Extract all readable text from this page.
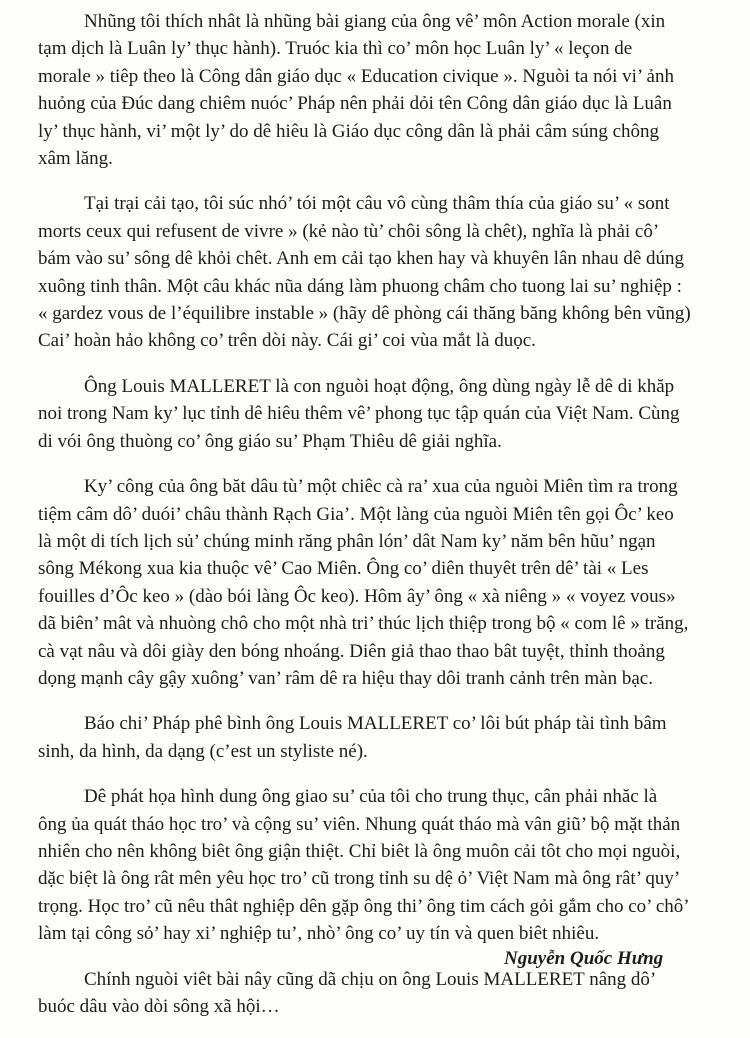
Nhũng tôi thích nhât là nhũng bài giang của ông vê’ môn Action morale (xin
tạm dịch là Luân ly’ thục hành). Truóc kia thì co’ môn học Luân ly’ « leçon de
morale » tiêp theo là Công dân giáo dục « Education civique ». Nguòi ta nói vi’ ảnh
huỏng của Đúc dang chiêm nuóc’ Pháp nên phải dỏi tên Công dân giáo dục là Luân
ly’ thục hành, vi’ một ly’ do dê hiêu là Giáo dục công dân là phải câm súng chông
xâm lăng.

Tại trại cải tạo, tôi súc nhó’ tói một câu vô cùng thâm thía của giáo su’ « sont
morts ceux qui refusent de vivre » (kẻ nào tù’ chôi sông là chêt), nghĩa là phải cô’
bám vào su’ sông dê khỏi chêt. Anh em cải tạo khen hay và khuyên lân nhau dê dúng
xuông tinh thân. Một câu khác nũa dáng làm phuong châm cho tuong lai su’ nghiệp :
« gardez vous de l’équilibre instable » (hãy dê phòng cái thăng băng không bên vũng)
Cai’ hoàn hảo không co’ trên dòi này. Cái gi’ coi vùa mắt là duọc.

Ông Louis MALLERET là con nguòi hoạt động, ông dùng ngày lễ dê di khăp
noi trong Nam ky’ lục tỉnh dê hiêu thêm vê’ phong tục tập quán của Việt Nam. Cùng
di vói ông thuòng co’ ông giáo su’ Phạm Thiêu dê giải nghĩa.

Ky’ công của ông băt dâu tù’ một chiêc cà ra’ xua của nguòi Miên tìm ra trong
tiệm câm dô’ duói’ châu thành Rạch Gia’. Một làng của nguòi Miên tên gọi Ôc’ keo
là một di tích lịch sủ’ chúng minh răng phân lón’ dât Nam ky’ năm bên hũu’ ngạn
sông Mékong xua kia thuộc vê’ Cao Miên. Ông co’ diên thuyêt trên dê’ tài « Les
fouilles d’Ôc keo » (dào bói làng Ôc keo). Hôm ây’ ông « xà niêng » « voyez vous»
dã biên’ mât và nhuòng chô cho một nhà tri’ thúc lịch thiệp trong bộ « com lê » trăng,
cà vạt nâu và dôi giày den bóng nhoáng. Diên giả thao thao bât tuyệt, thỉnh thoảng
dọng mạnh cây gậy xuông’ van’ râm dê ra hiệu thay dôi tranh cảnh trên màn bạc.

Báo chi’ Pháp phê bình ông Louis MALLERET co’ lôi bút pháp tài tình bâm
sinh, da hình, da dạng (c’est un styliste né).

Dê phát họa hình dung ông giao su’ của tôi cho trung thục, cân phải nhăc là
ông ủa quát tháo học tro’ và cộng su’ viên. Nhung quát tháo mà vân giũ’ bộ mặt thản
nhiên cho nên không biêt ông giận thiệt. Chỉ biêt là ông muôn cải tôt cho mọi nguòi,
dặc biệt là ông rât mên yêu học tro’ cũ trong tỉnh su dệ ỏ’ Việt Nam mà ông rât’ quy’
trọng. Học tro’ cũ nêu thât nghiệp dên gặp ông thi’ ông tim cách gỏi gắm cho co’ chô’
làm tại công sỏ’ hay xi’ nghiệp tu’, nhò’ ông co’ uy tín và quen biêt nhiêu.

Chính nguòi viêt bài nây cũng dã chịu on ông Louis MALLERET nâng dô’
buóc dâu vào dòi sông xã hội…

Nguyễn Quốc Hưng
